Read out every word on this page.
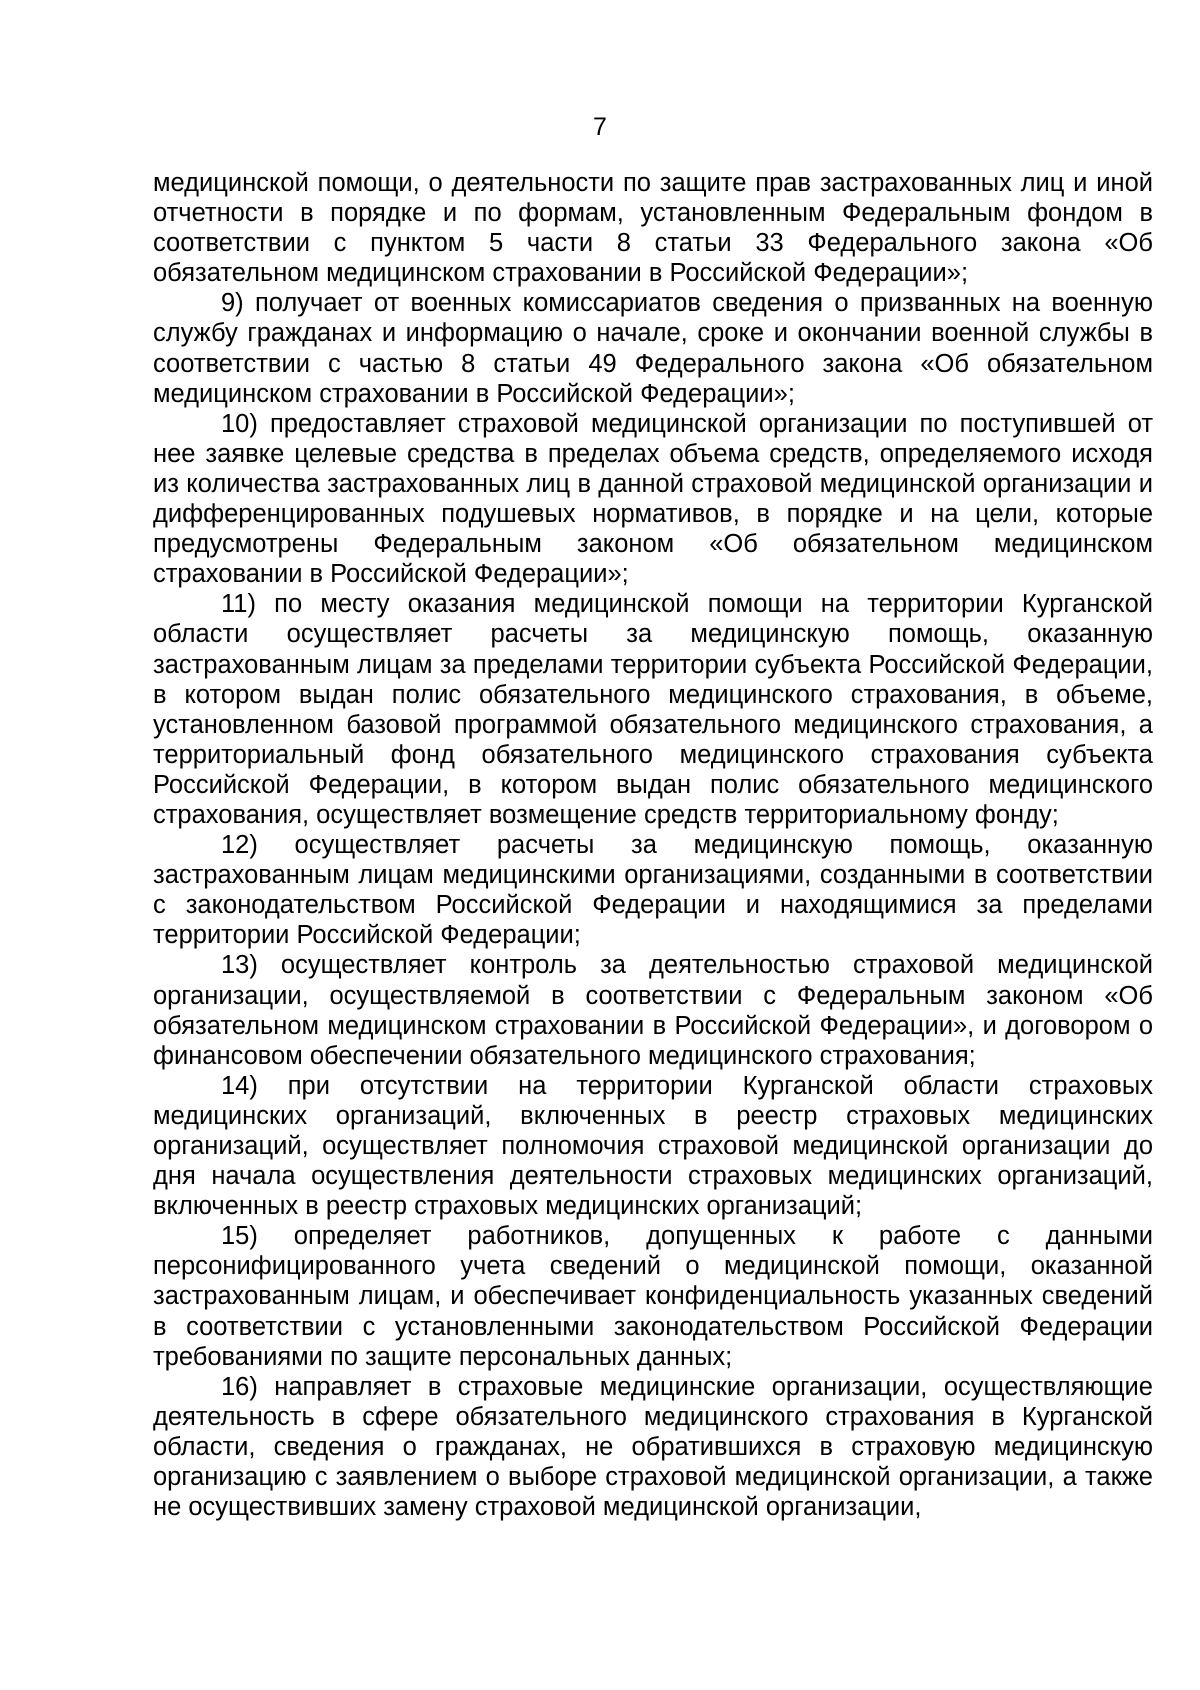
7

медицинской помощи, о деятельности по защите прав застрахованных лиц и иной отчетности в порядке и по формам, установленным Федеральным фондом в соответствии с пунктом 5 части 8 статьи 33 Федерального закона «Об обязательном медицинском страховании в Российской Федерации»;

9) получает от военных комиссариатов сведения о призванных на военную службу гражданах и информацию о начале, сроке и окончании военной службы в соответствии с частью 8 статьи 49 Федерального закона «Об обязательном медицинском страховании в Российской Федерации»;

10) предоставляет страховой медицинской организации по поступившей от нее заявке целевые средства в пределах объема средств, определяемого исходя из количества застрахованных лиц в данной страховой медицинской организации и дифференцированных подушевых нормативов, в порядке и на цели, которые предусмотрены Федеральным законом «Об обязательном медицинском страховании в Российской Федерации»;

11) по месту оказания медицинской помощи на территории Курганской области осуществляет расчеты за медицинскую помощь, оказанную застрахованным лицам за пределами территории субъекта Российской Федерации, в котором выдан полис обязательного медицинского страхования, в объеме, установленном базовой программой обязательного медицинского страхования, а территориальный фонд обязательного медицинского страхования субъекта Российской Федерации, в котором выдан полис обязательного медицинского страхования, осуществляет возмещение средств территориальному фонду;

12) осуществляет расчеты за медицинскую помощь, оказанную застрахованным лицам медицинскими организациями, созданными в соответствии с законодательством Российской Федерации и находящимися за пределами территории Российской Федерации;

13) осуществляет контроль за деятельностью страховой медицинской организации, осуществляемой в соответствии с Федеральным законом «Об обязательном медицинском страховании в Российской Федерации», и договором о финансовом обеспечении обязательного медицинского страхования;

14) при отсутствии на территории Курганской области страховых медицинских организаций, включенных в реестр страховых медицинских организаций, осуществляет полномочия страховой медицинской организации до дня начала осуществления деятельности страховых медицинских организаций, включенных в реестр страховых медицинских организаций;

15) определяет работников, допущенных к работе с данными персонифицированного учета сведений о медицинской помощи, оказанной застрахованным лицам, и обеспечивает конфиденциальность указанных сведений в соответствии с установленными законодательством Российской Федерации требованиями по защите персональных данных;

16) направляет в страховые медицинские организации, осуществляющие деятельность в сфере обязательного медицинского страхования в Курганской области, сведения о гражданах, не обратившихся в страховую медицинскую организацию с заявлением о выборе страховой медицинской организации, а также не осуществивших замену страховой медицинской организации,
